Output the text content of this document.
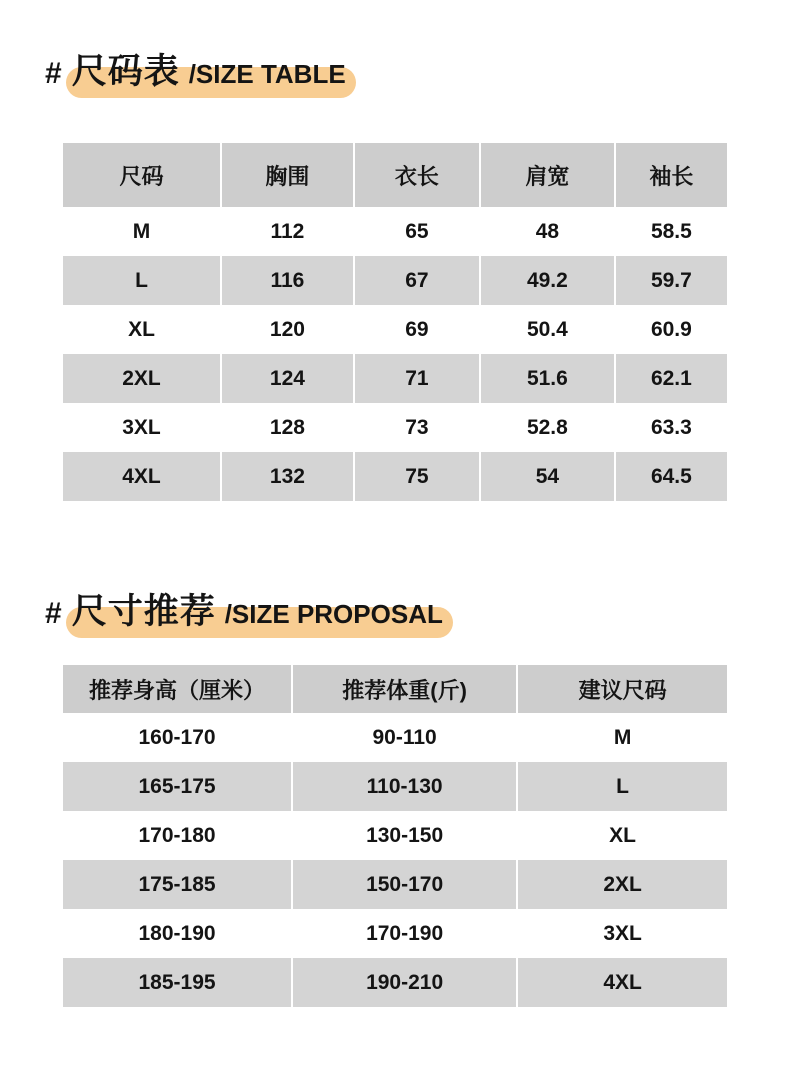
# 尺码表 /SIZE TABLE
尺码	胸围	衣长	肩宽	袖长
M	112	65	48	58.5
L	116	67	49.2	59.7
XL	120	69	50.4	60.9
2XL	124	71	51.6	62.1
3XL	128	73	52.8	63.3
4XL	132	75	54	64.5
# 尺寸推荐 /SIZE PROPOSAL
推荐身高（厘米）	推荐体重(斤)	建议尺码
160-170	90-110	M
165-175	110-130	L
170-180	130-150	XL
175-185	150-170	2XL
180-190	170-190	3XL
185-195	190-210	4XL
